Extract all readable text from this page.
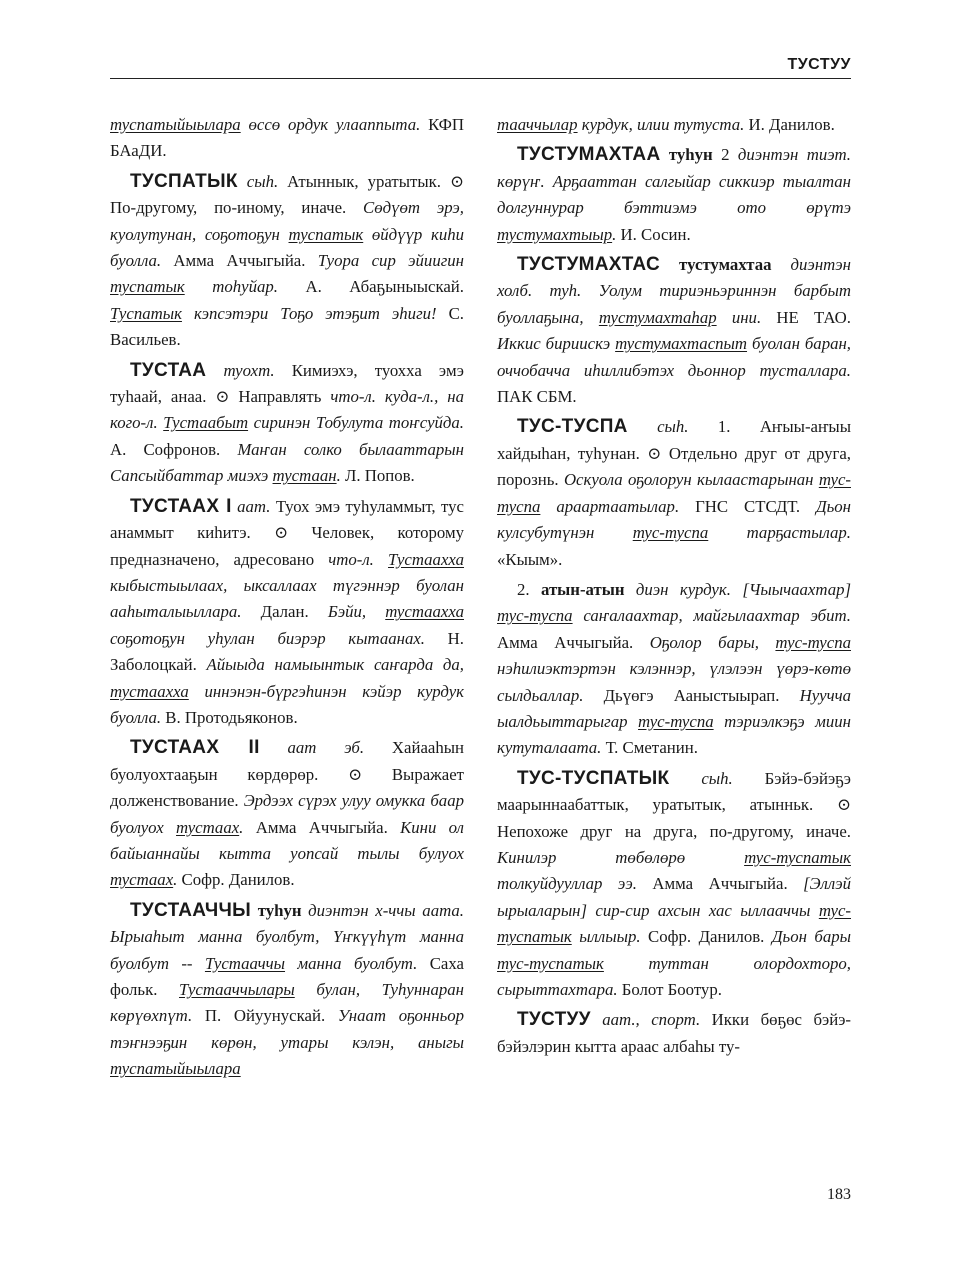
ТУСТУУ

туспатыйыылара өссө ордук улааппыта. КФП БАаДИ.

ТУСПАТЫК сыһ. Атыннык, уратытык. ⊙ По-другому, по-иному, иначе. Сөдүөт эрэ, куолутунан, соҕотоҕун туспатык өйдүүр киһи буолла. Амма Аччыгыйа. Туора сир эйиигин туспатык тоһуйар. А. Абаҕыныыскай. Туспатык кэпсэтэри Тоҕо этэҕит эһиги! С. Васильев.

ТУСТАА туохт. Кимиэхэ, туохха эмэ туһаай, анаа. ⊙ Направлять что-л. куда-л., на кого-л. Тустаабыт сиринэн Тобулута тоҥсуйда. А. Софронов. Маҥан солко былааттарын Сапсыйбаттар миэхэ тустаан. Л. Попов.

ТУСТААХ I аат. Туох эмэ туһуламмыт, тус анаммыт киһитэ. ⊙ Человек, которому предназначено, адресовано что-л. Тустаахха кыбыстыылаах, ыксаллаах түгэннэр буолан ааһыталыыллара. Далан. Бэйи, тустаахха соҕотоҕун уһулан биэрэр кытаанах. Н. Заболоцкай. Айыыда намыынтык саҥарда да, тустаахха иннэнэн-бүргэһинэн кэйэр курдук буолла. В. Протодьяконов.

ТУСТААХ II аат эб. Хайааһын буолуохтааҕын көрдөрөр. ⊙ Выражает долженствование. Эрдээх сүрэх улуу омукка баар буолуох тустаах. Амма Аччыгыйа. Кини ол байыаннайы кытта уопсай тылы булуох тустаах. Софр. Данилов.

ТУСТААЧЧЫ туһун диэнтэн х-ччы аата. Ырыаһыт манна буолбут, Үҥкүүһүт манна буолбут -- Тустааччы манна буолбут. Саха фольк. Тустааччылары булан, Туһуннаран көрүөхпүт. П. Ойуунускай. Унаат оҕонньор тэҥнээҕин көрөн, утары кэлэн, аныгы туспатыйыылара

тааччылар курдук, илии тутуста. И. Данилов.

ТУСТУМАХТАА туһун 2 диэнтэн тиэт. көрүҥ. Арҕааттан салгыйар сиккиэр тыалтан долгуннурар бэттиэмэ ото өрүтэ тустумахтыыр. И. Сосин.

ТУСТУМАХТАС тустумахтаа диэнтэн холб. туһ. Уолум тириэньэриннэн барбыт буоллаҕына, тустумахтаһар ини. НЕ ТАО. Иккис бириискэ тустумахтаспыт буолан баран, оччобачча иһиллибэтэх дьоннор тусталлара. ПАК СБМ.

ТУС-ТУСПА сыһ. 1. Аҥыы-аҥыы хайдыһан, туһунан. ⊙ Отдельно друг от друга, порознь. Оскуола оҕолорун кылаастарынан тус-туспа араартаатылар. ГНС СТСДТ. Дьон кулсубутүнэн тус-туспа тарҕастылар. «Кыым».

2. атын-атын диэн курдук. [Чыычаахтар] тус-туспа саҥалаахтар, майгылаахтар эбит. Амма Аччыгыйа. Оҕолор бары, тус-туспа нэһилиэктэртэн кэлэннэр, үлэлээн үөрэ-көтө сылдьаллар. Дьүөгэ Ааныстыырап. Нуучча ыалдьыттарыгар тус-туспа тэриэлкэҕэ миин кутуталаата. Т. Сметанин.

ТУС-ТУСПАТЫК сыһ. Бэйэ-бэйэҕэ маарыннаабаттык, уратытык, атынньк. ⊙ Непохоже друг на друга, по-другому, иначе. Кинилэр төбөлөрө тус-туспатык толкуйдууллар ээ. Амма Аччыгыйа. [Эллэй ырыаларын] сир-сир ахсын хас ыллааччы тус-туспатык ыллыыр. Софр. Данилов. Дьон бары тус-туспатык туттан олордохторо, сырыттахтара. Болот Боотур.

ТУСТУУ аат., спорт. Икки бөҕөс бэйэ-бэйэлэрин кытта араас албаһы ту-

183
